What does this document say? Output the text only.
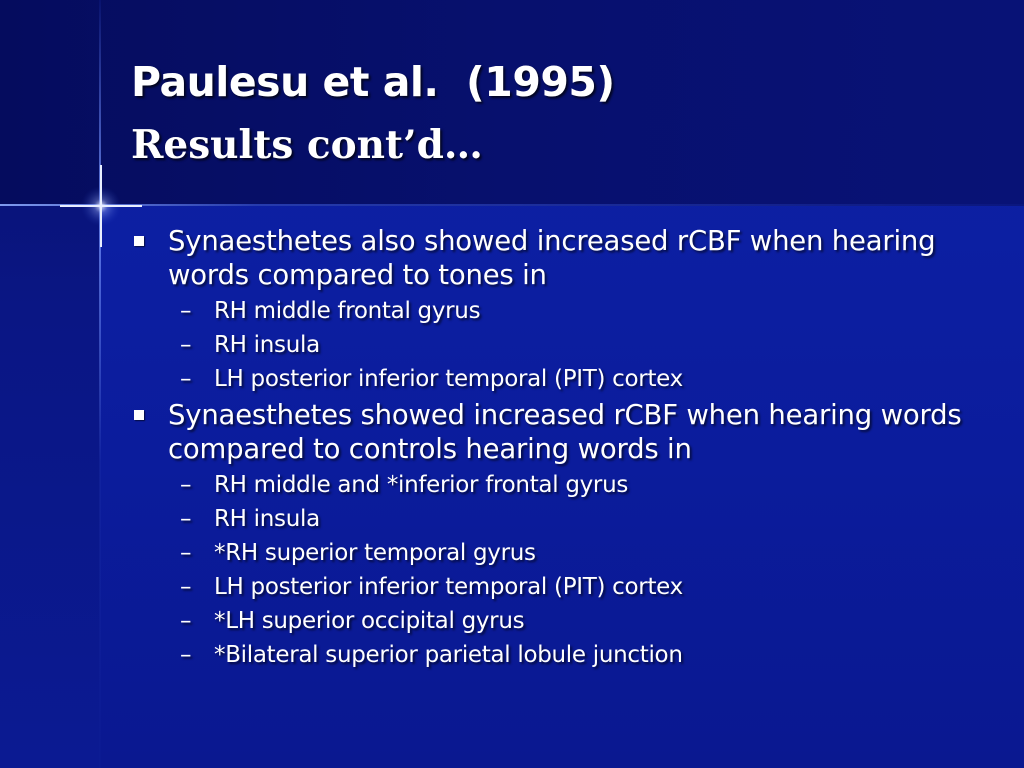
Paulesu et al.  (1995)
Results cont’d…
Synaesthetes also showed increased rCBF when hearing words compared to tones in
– RH middle frontal gyrus
– RH insula
– LH posterior inferior temporal (PIT) cortex
Synaesthetes showed increased rCBF when hearing words compared to controls hearing words in
– RH middle and *inferior frontal gyrus
– RH insula
– *RH superior temporal gyrus
– LH posterior inferior temporal (PIT) cortex
– *LH superior occipital gyrus
– *Bilateral superior parietal lobule junction
